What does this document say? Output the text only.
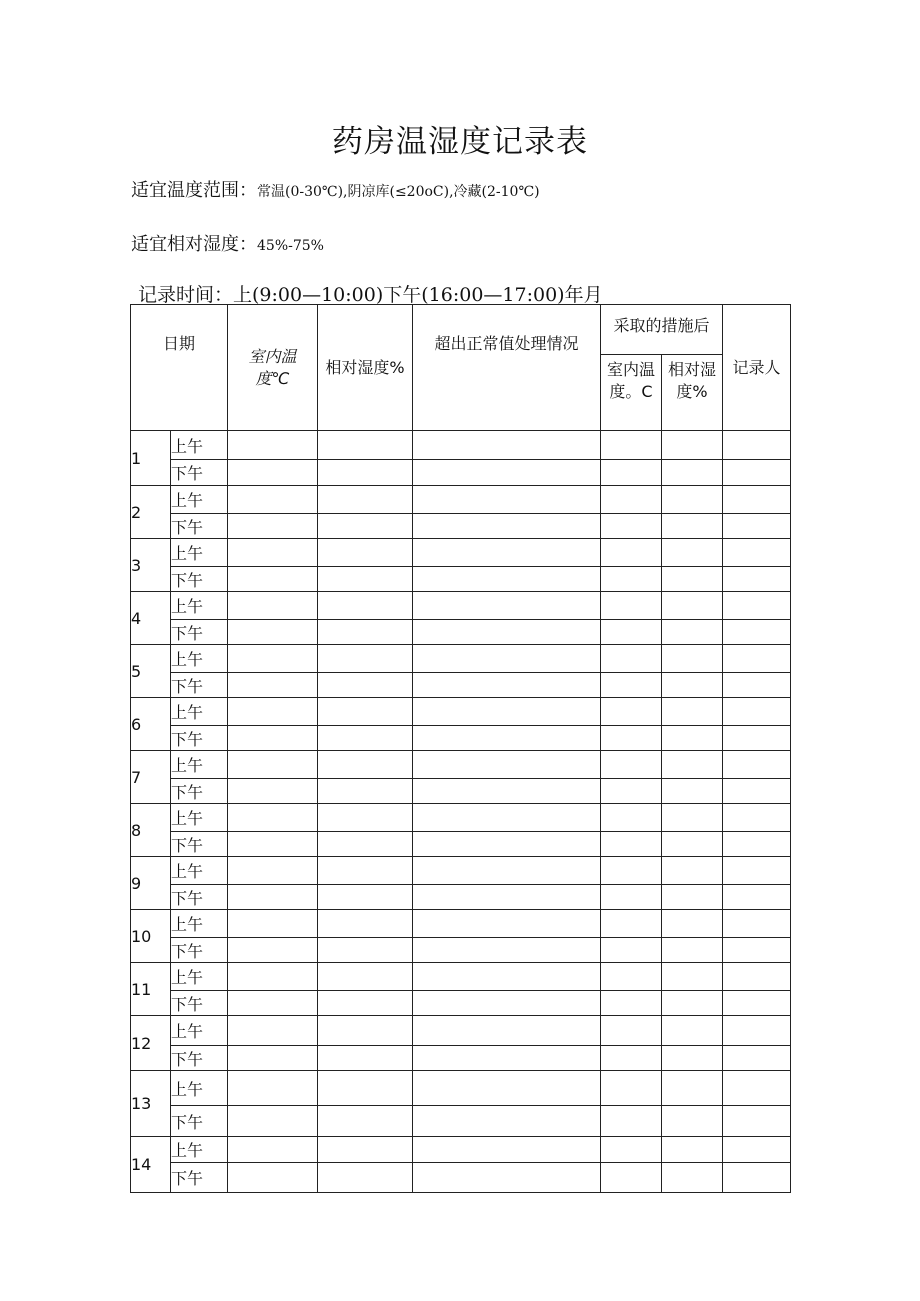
药房温湿度记录表
适宜温度范围：常温(0-30℃),阴凉库(≤20oC),冷藏(2-10℃)
适宜相对湿度：45%-75%
记录时间：上(9:00—10:00)下午(16:00—17:00)年月
日期		室内温度℃	相对湿度%	超出正常值处理情况	采取的措施后		记录人
					室内温度。C	相对湿度%	
1	上午						
	下午						
2	上午						
	下午						
3	上午						
	下午						
4	上午						
	下午						
5	上午						
	下午						
6	上午						
	下午						
7	上午						
	下午						
8	上午						
	下午						
9	上午						
	下午						
10	上午						
	下午						
11	上午						
	下午						
12	上午						
	下午						
13	上午						
	下午						
14	上午						
	下午						
